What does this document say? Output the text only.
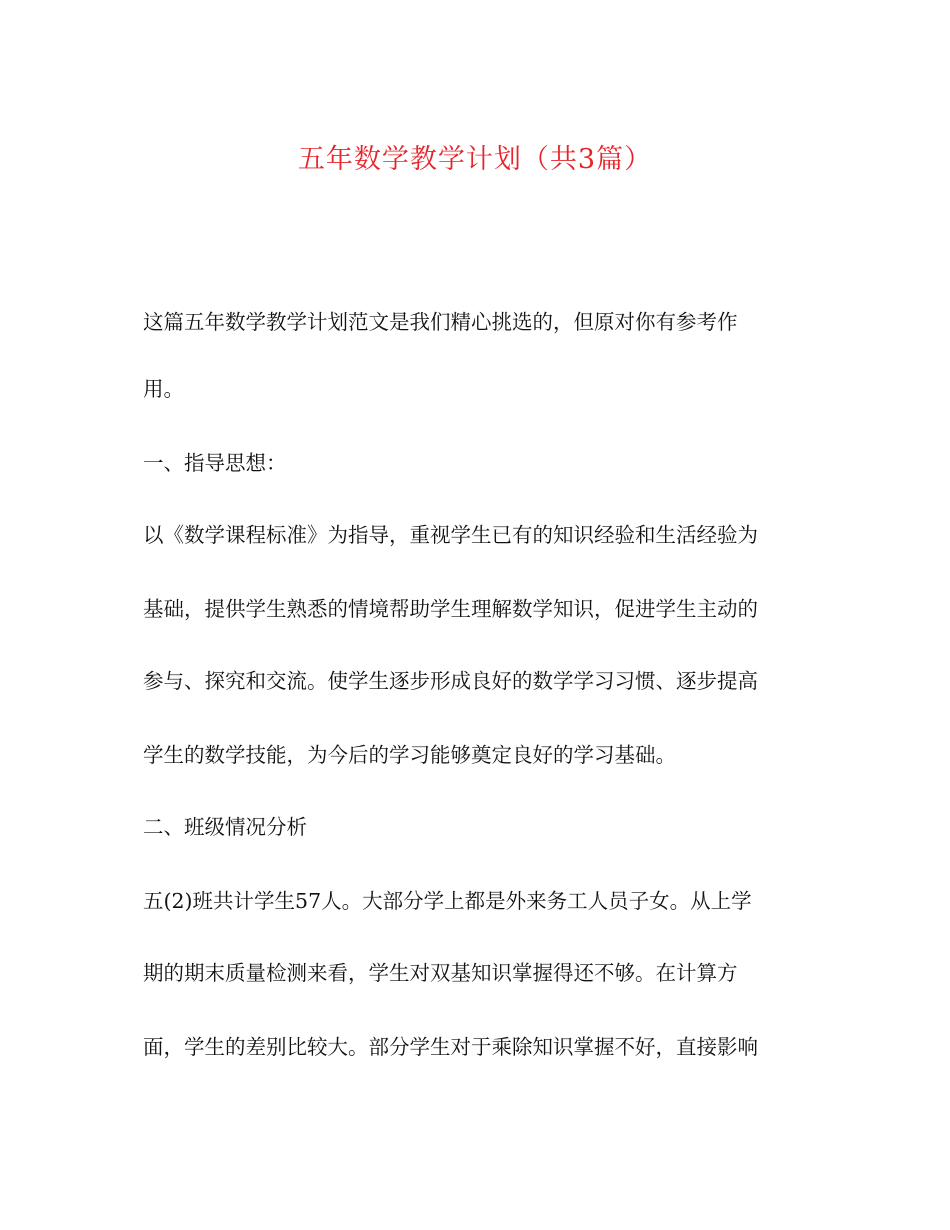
五年数学教学计划（共3篇）
这篇五年数学教学计划范文是我们精心挑选的，但原对你有参考作
用。
一、指导思想：
以《数学课程标准》为指导，重视学生已有的知识经验和生活经验为
基础，提供学生熟悉的情境帮助学生理解数学知识，促进学生主动的
参与、探究和交流。使学生逐步形成良好的数学学习习惯、逐步提高
学生的数学技能，为今后的学习能够奠定良好的学习基础。
二、班级情况分析
五(2)班共计学生57人。大部分学上都是外来务工人员子女。从上学
期的期末质量检测来看，学生对双基知识掌握得还不够。在计算方
面，学生的差别比较大。部分学生对于乘除知识掌握不好，直接影响
